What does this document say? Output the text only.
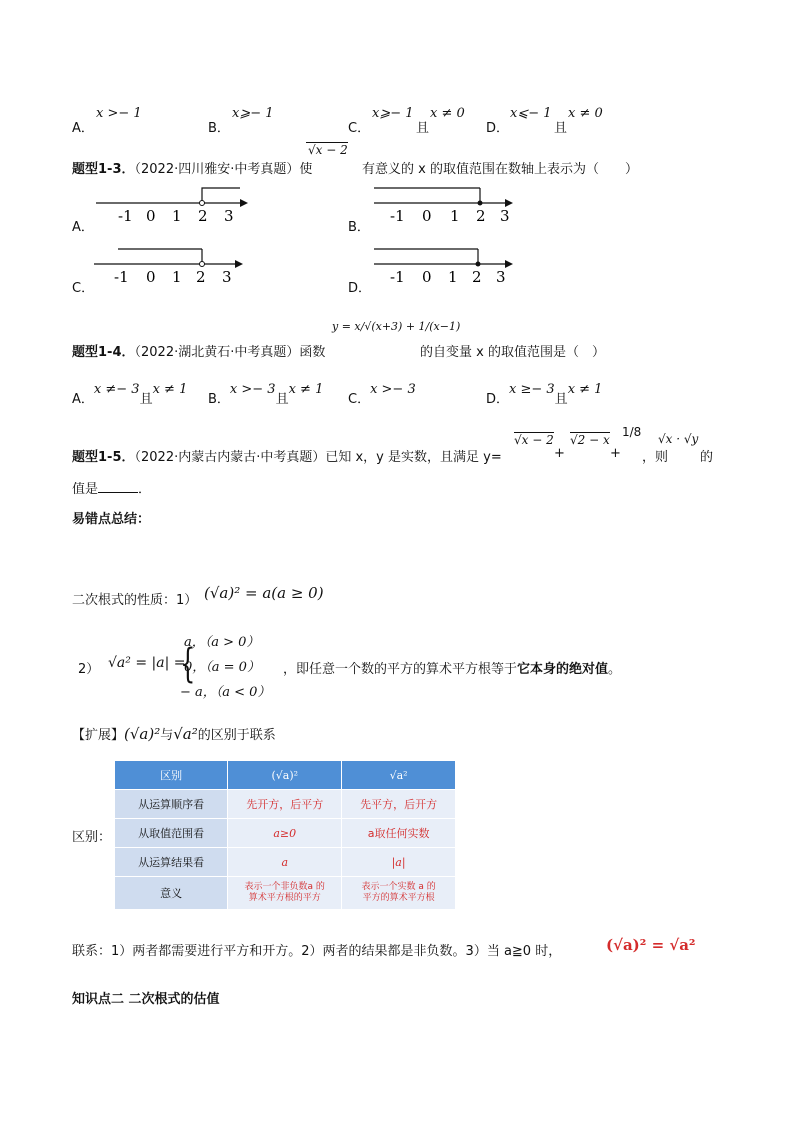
A．
x >− 1
B．
x⩾− 1
C．
x⩾− 1
且
x ≠ 0
D．
x⩽− 1
且
x ≠ 0
题型1-3．（2022·四川雅安·中考真题）使
√x − 2
有意义的 x 的取值范围在数轴上表示为（　　）
A．	B．
C．	D．
-1 0 1 2 3	-1 0 1 2 3
-1 0 1 2 3	-1 0 1 2 3
题型1-4．（2022·湖北黄石·中考真题）函数
y = x/√(x+3) + 1/(x−1)
的自变量 x 的取值范围是（　）
A．x ≠− 3且x ≠ 1
B．x >− 3且x ≠ 1
C．x >− 3
D．x ≥− 3且x ≠ 1
题型1-5．（2022·内蒙古内蒙古·中考真题）已知 x，y 是实数，且满足 y=
√x − 2
+
√2 − x
+
1/8
，则
√x · √y
的
值是	．
易错点总结：
二次根式的性质：1） (√a)² = a(a ≥ 0)
2） √a² = |a| =
{
a，（a > 0）
0，（a = 0）
− a，（a < 0）
，即任意一个数的平方的算术平方根等于它本身的绝对值。
【扩展】(√a)²与√a²的区别于联系
区别：
区别	(√a)²	√a²
从运算顺序看	先开方，后平方	先平方，后开方
从取值范围看	a≥0	a取任何实数
从运算结果看	a	|a|
意义	表示一个非负数a 的算术平方根的平方	表示一个实数 a 的平方的算术平方根
联系：1）两者都需要进行平方和开方。2）两者的结果都是非负数。3）当 a≧0 时，	(√a)² = √a²
知识点二 二次根式的估值
